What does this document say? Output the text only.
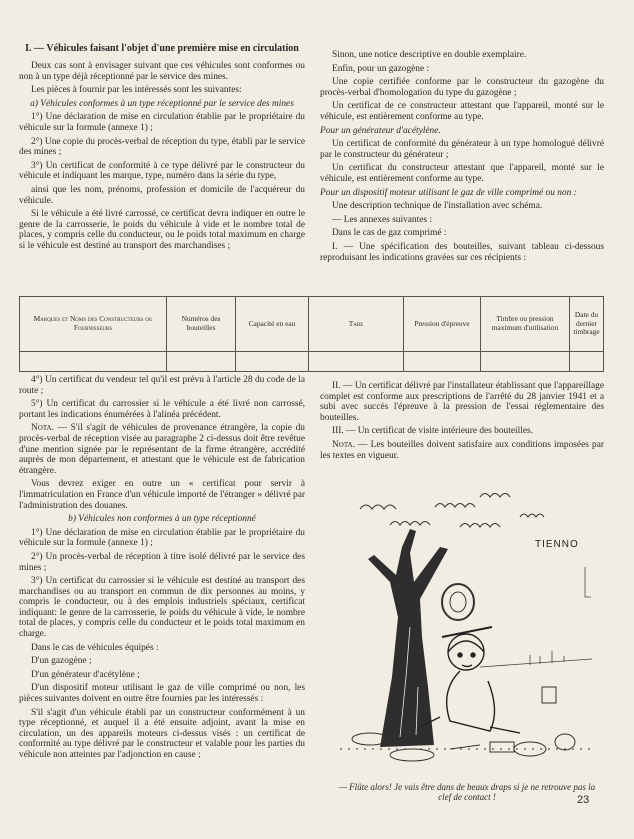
I. — Véhicules faisant l'objet d'une première mise en circulation

Deux cas sont à envisager suivant que ces véhicules sont conformes ou non à un type déjà réceptionné par le service des mines.

Les pièces à fournir par les intéressés sont les suivantes:

a) Véhicules conformes à un type réceptionné par le service des mines

1°) Une déclaration de mise en circulation établie par le propriétaire du véhicule sur la formule (annexe 1) ;

2°) Une copie du procès-verbal de réception du type, établi par le service des mines ;

3°) Un certificat de conformité à ce type délivré par le constructeur du véhicule et indiquant les marque, type, numéro dans la série du type,

ainsi que les nom, prénoms, profession et domicile de l'acquéreur du véhicule.

Si le véhicule a été livré carrossé, ce certificat devra indiquer en outre le genre de la carrosserie, le poids du véhicule à vide et le nombre total de places, y compris celle du conducteur, ou le poids total maximum en charge si le véhicule est destiné au transport des marchandises ;

Sinon, une notice descriptive en double exemplaire.

Enfin, pour un gazogène :

Une copie certifiée conforme par le constructeur du gazogène du procès-verbal d'homologation du type du gazogène ;

Un certificat de ce constructeur attestant que l'appareil, monté sur le véhicule, est entièrement conforme au type.

Pour un générateur d'acétylène.

Un certificat de conformité du générateur à un type homologué délivré par le constructeur du générateur ;

Un certificat du constructeur attestant que l'appareil, monté sur le véhicule, est entièrement conforme au type.

Pour un dispositif moteur utilisant le gaz de ville comprimé ou non :

Une description technique de l'installation avec schéma.

— Les annexes suivantes :

Dans le cas de gaz comprimé :

I. — Une spécification des bouteilles, suivant tableau ci-dessous reproduisant les indications gravées sur ces récipients :

Marques et Noms des Constructeurs ou Fournisseurs	Numéros des bouteilles	Capacité en eau	Tare	Pression d'épreuve	Timbre ou pression maximum d'utilisation	Date du dernier timbrage

4°) Un certificat du vendeur tel qu'il est prévu à l'article 28 du code de la route ;

5°) Un certificat du carrossier si le véhicule a été livré non carrossé, portant les indications énumérées à l'alinéa précédent.

Nota. — S'il s'agit de véhicules de provenance étrangère, la copie du procès-verbal de réception visée au paragraphe 2 ci-dessus doit être revêtue d'une mention signée par le représentant de la firme étrangère, accrédité auprès de mon département, et attestant que le véhicule est de fabrication étrangère.

Vous devrez exiger en outre un « certificat pour servir à l'immatriculation en France d'un véhicule importé de l'étranger » délivré par l'administration des douanes.

b) Véhicules non conformes à un type réceptionné

1°) Une déclaration de mise en circulation établie par le propriétaire du véhicule sur la formule (annexe 1) ;

2°) Un procès-verbal de réception à titre isolé délivré par le service des mines ;

3°) Un certificat du carrossier si le véhicule est destiné au transport des marchandises ou au transport en commun de dix personnes au moins, y compris le conducteur, ou à des emplois industriels spéciaux, certificat indiquant: le genre de la carrosserie, le poids du véhicule à vide, le nombre total de places, y compris celle du conducteur et le poids total maximum en charge.

Dans le cas de véhicules équipés :

D'un gazogène ;

D'un générateur d'acétylène ;

D'un dispositif moteur utilisant le gaz de ville comprimé ou non, les pièces suivantes doivent en outre être fournies par les intéressés :

S'il s'agit d'un véhicule établi par un constructeur conformément à un type réceptionné, et auquel il a été ensuite adjoint, avant la mise en circulation, un des appareils moteurs ci-dessus visés : un certificat de conformité au type délivré par le constructeur et valable pour les parties du véhicule non atteintes par l'adjonction en cause ;

II. — Un certificat délivré par l'installateur établissant que l'appareillage complet est conforme aux prescriptions de l'arrêté du 28 janvier 1941 et a subi avec succès l'épreuve à la pression de l'essai réglementaire des bouteilles.

III. — Un certificat de visite intérieure des bouteilles.

Nota. — Les bouteilles doivent satisfaire aux conditions imposées par les textes en vigueur.

TIENNO
— Flûte alors! Je vais être dans de beaux draps si je ne retrouve pas la clef de contact !	23
